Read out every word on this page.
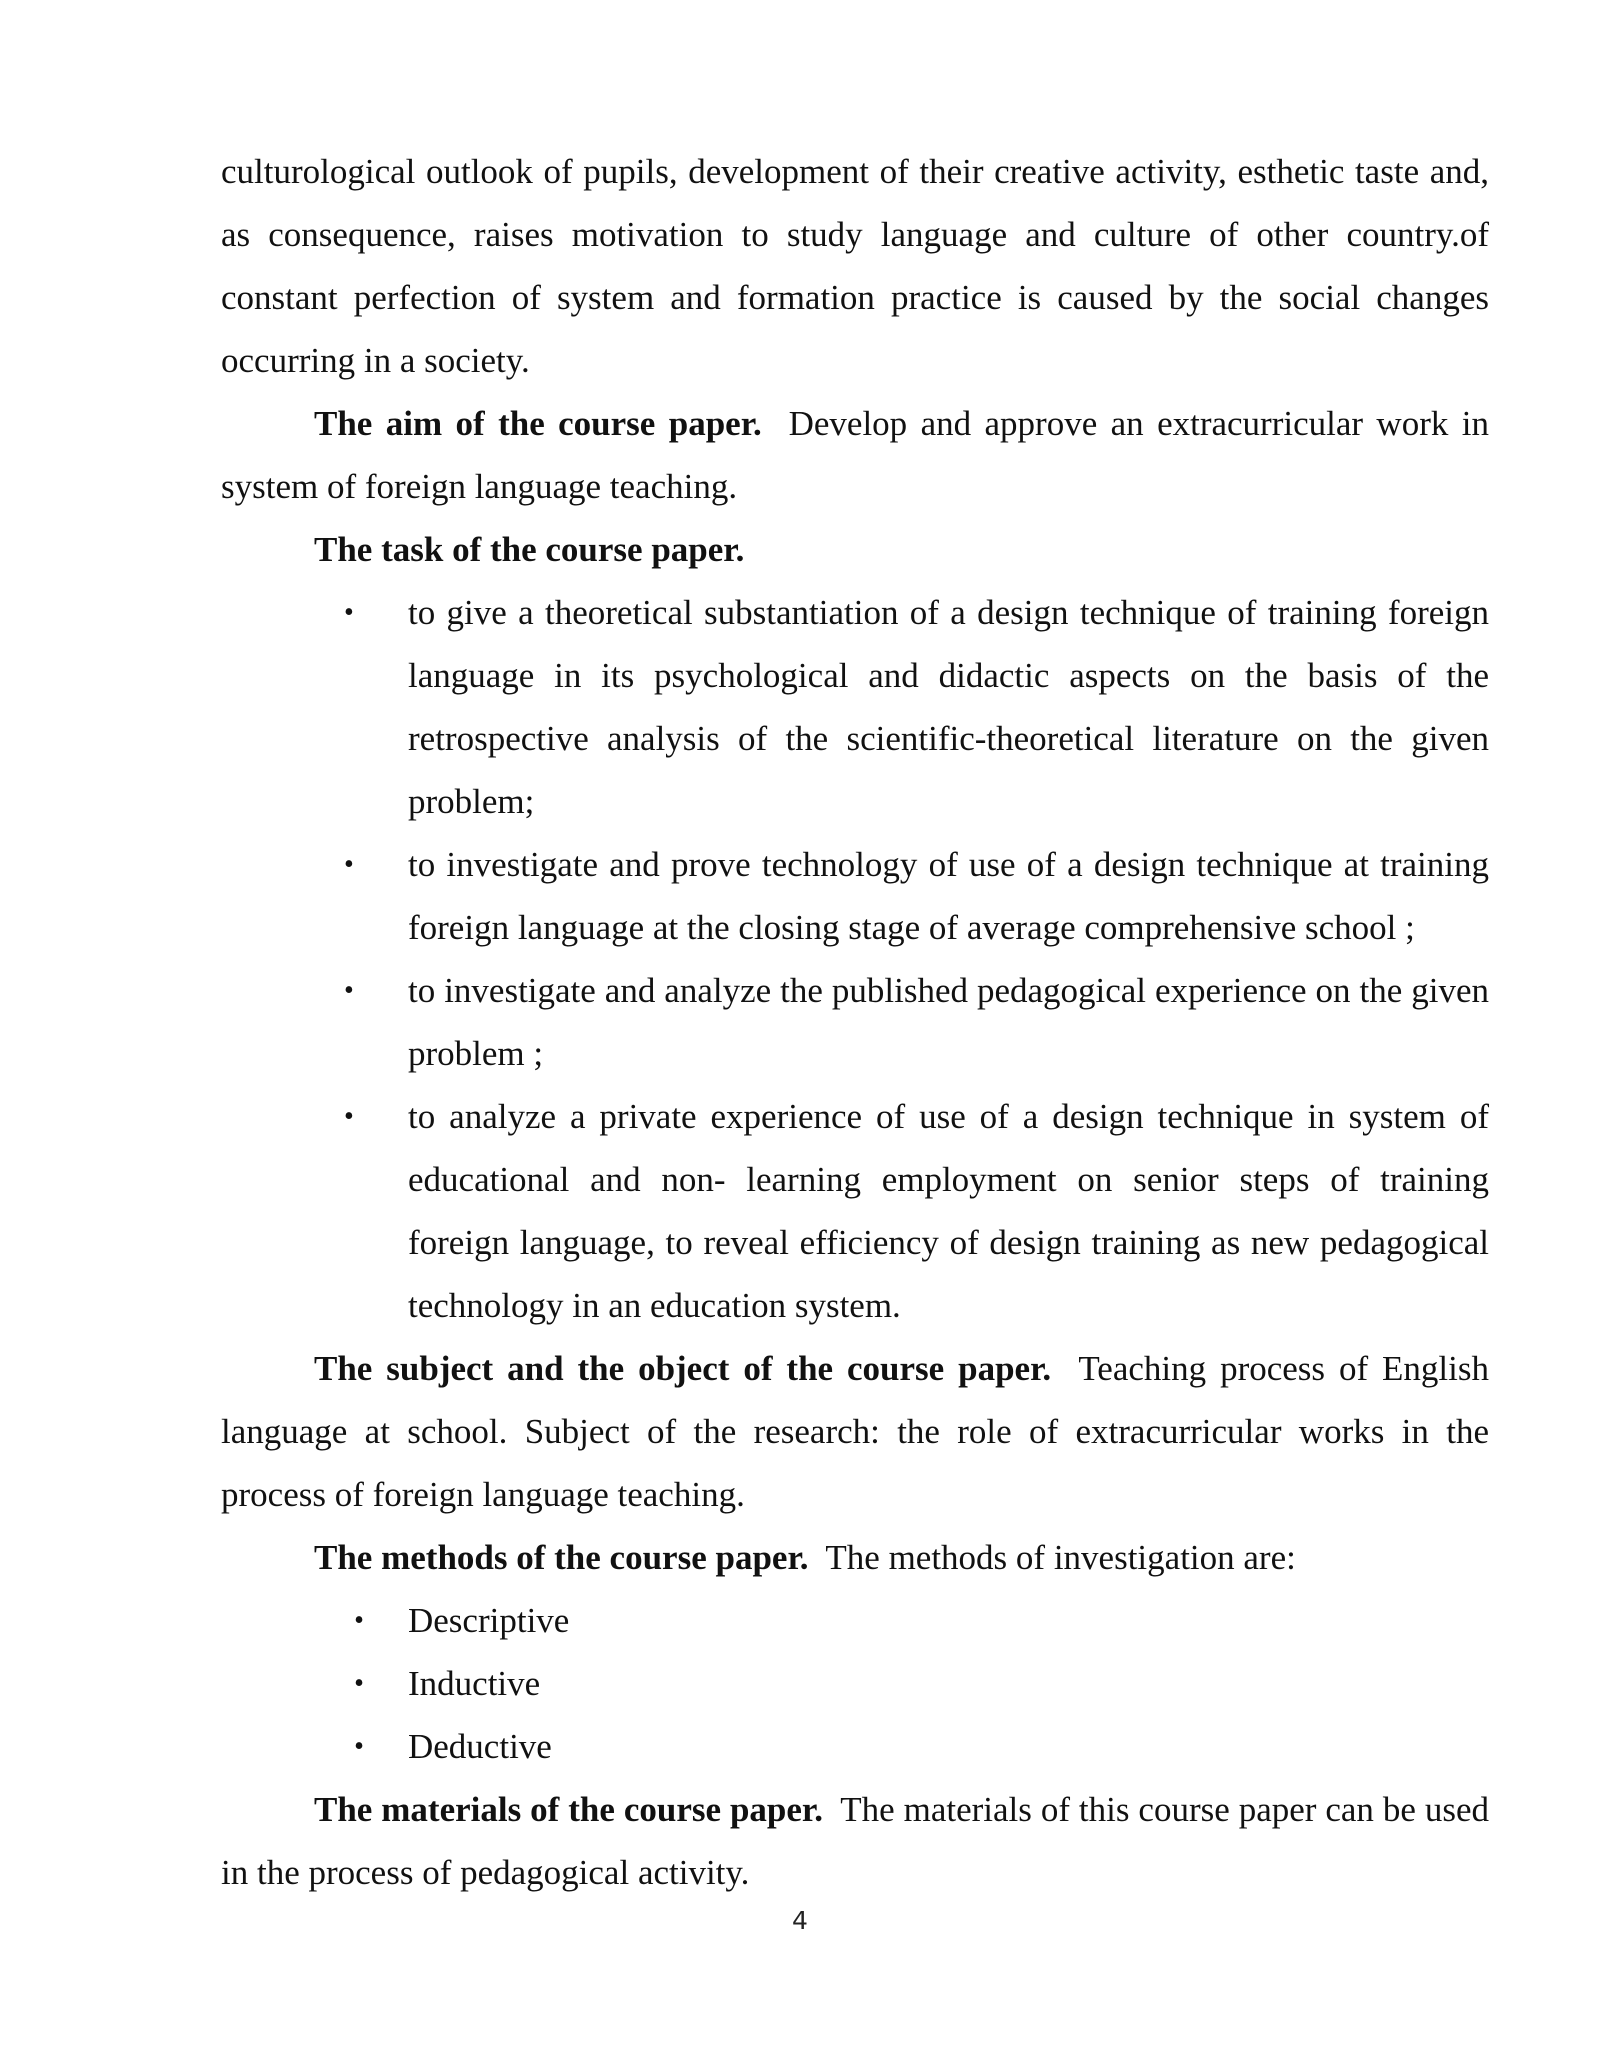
culturological outlook of pupils, development of their creative activity, esthetic taste and, as consequence, raises motivation to study language and culture of other country.of constant perfection of system and formation practice is caused by the social changes occurring in a society.

The aim of the course paper. Develop and approve an extracurricular work in system of foreign language teaching.

The task of the course paper.

•	to give a theoretical substantiation of a design technique of training foreign language in its psychological and didactic aspects on the basis of the retrospective analysis of the scientific-theoretical literature on the given problem;
•	to investigate and prove technology of use of a design technique at training foreign language at the closing stage of average comprehensive school ;
•	to investigate and analyze the published pedagogical experience on the given problem ;
•	to analyze a private experience of use of a design technique in system of educational and non- learning employment on senior steps of training foreign language, to reveal efficiency of design training as new pedagogical technology in an education system.

The subject and the object of the course paper. Teaching process of English language at school. Subject of the research: the role of extracurricular works in the process of foreign language teaching.

The methods of the course paper. The methods of investigation are:

• Descriptive
• Inductive
• Deductive

The materials of the course paper. The materials of this course paper can be used in the process of pedagogical activity.

4
